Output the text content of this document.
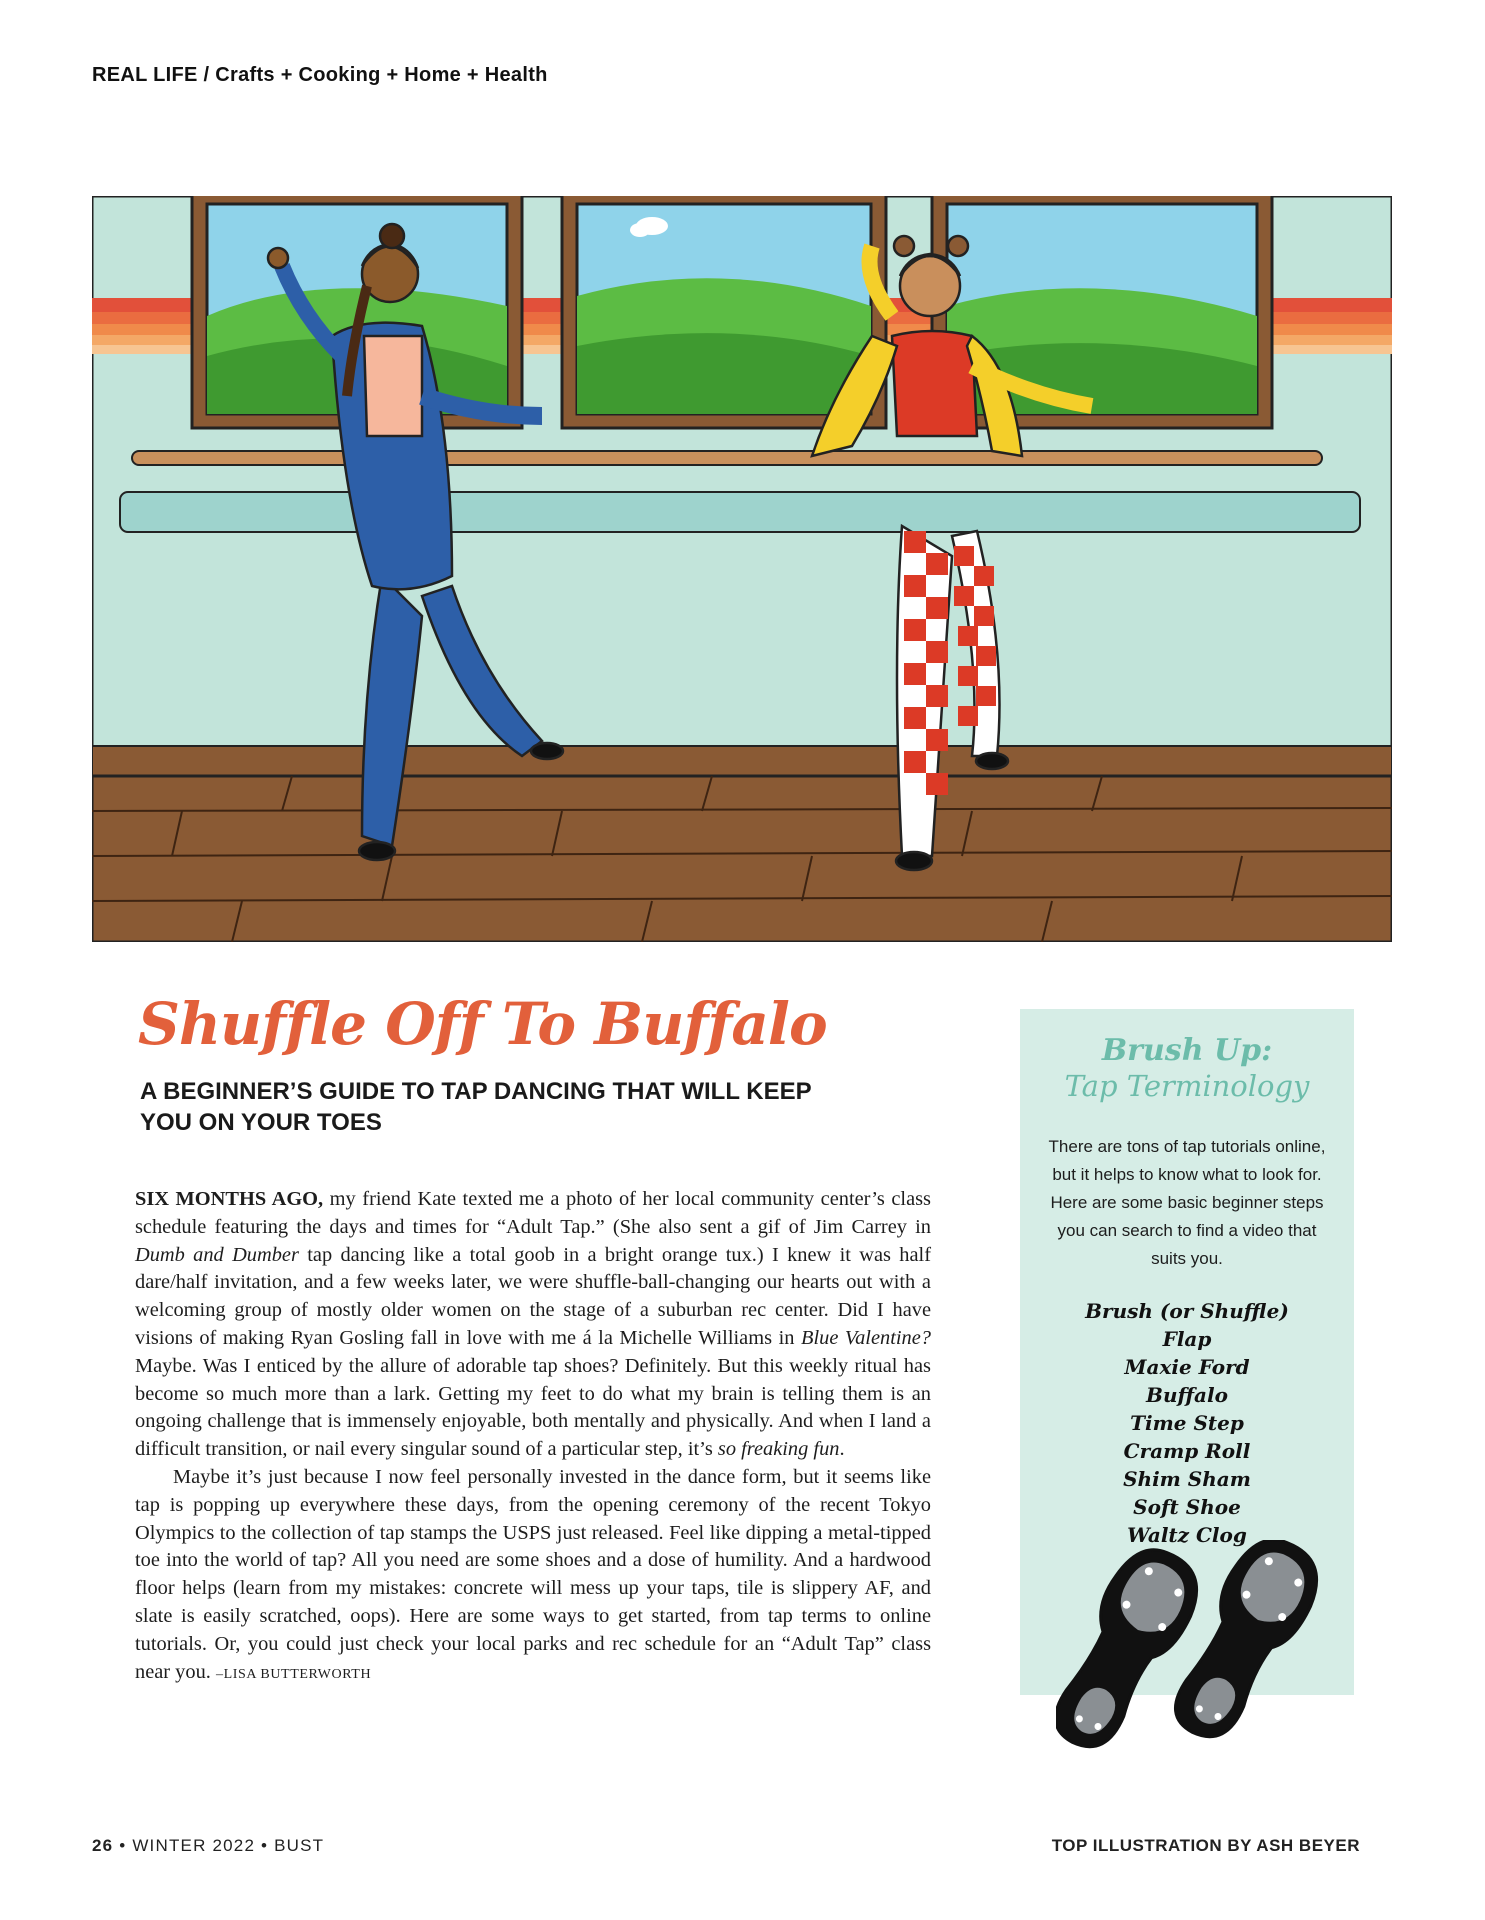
REAL LIFE / Crafts + Cooking + Home + Health
Shuffle Off To Buffalo
A BEGINNER’S GUIDE TO TAP DANCING THAT WILL KEEP YOU ON YOUR TOES

SIX MONTHS AGO, my friend Kate texted me a photo of her local community center’s class schedule featuring the days and times for “Adult Tap.” (She also sent a gif of Jim Carrey in Dumb and Dumber tap dancing like a total goob in a bright orange tux.) I knew it was half dare/half invitation, and a few weeks later, we were shuffle-ball-changing our hearts out with a welcoming group of mostly older women on the stage of a suburban rec center. Did I have visions of making Ryan Gosling fall in love with me á la Michelle Williams in Blue Valentine? Maybe. Was I enticed by the allure of adorable tap shoes? Definitely. But this weekly ritual has become so much more than a lark. Getting my feet to do what my brain is telling them is an ongoing challenge that is immensely enjoyable, both mentally and physically. And when I land a difficult transition, or nail every singular sound of a particular step, it’s so freaking fun.

Maybe it’s just because I now feel personally invested in the dance form, but it seems like tap is popping up everywhere these days, from the opening ceremony of the recent Tokyo Olympics to the collection of tap stamps the USPS just released. Feel like dipping a metal-tipped toe into the world of tap? All you need are some shoes and a dose of humility. And a hardwood floor helps (learn from my mistakes: concrete will mess up your taps, tile is slippery AF, and slate is easily scratched, oops). Here are some ways to get started, from tap terms to online tutorials. Or, you could just check your local parks and rec schedule for an “Adult Tap” class near you. –LISA BUTTERWORTH

Brush Up:
Tap Terminology
There are tons of tap tutorials online, but it helps to know what to look for. Here are some basic beginner steps you can search to find a video that suits you.
Brush (or Shuffle)
Flap
Maxie Ford
Buffalo
Time Step
Cramp Roll
Shim Sham
Soft Shoe
Waltz Clog
26 • WINTER 2022 • BUST	TOP ILLUSTRATION BY ASH BEYER
